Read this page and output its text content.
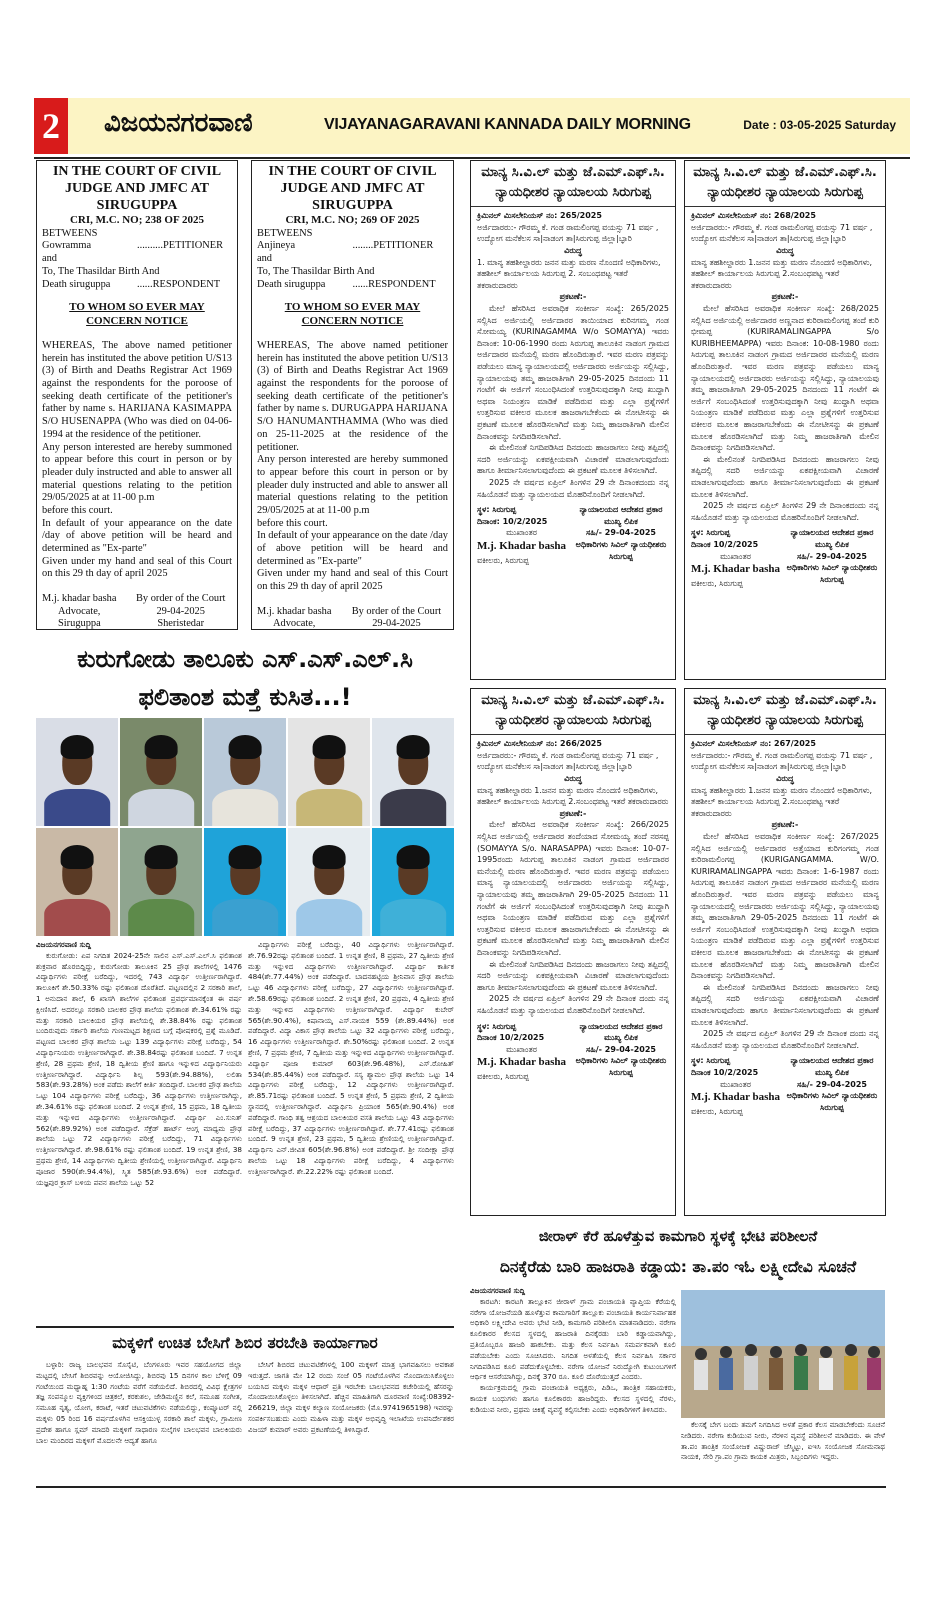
2	ವಿಜಯನಗರವಾಣಿ	VIJAYANAGARAVANI KANNADA DAILY MORNING	Date : 03-05-2025 Saturday
IN THE COURT OF CIVIL JUDGE AND JMFC AT SIRUGUPPA
CRI, M.C. NO; 238 OF 2025
BETWEENS
Gowramma	..........PETITIONER
and
To, The Thasildar Birth And
Death siruguppa	......RESPONDENT
TO WHOM SO EVER MAY CONCERN NOTICE

WHEREAS, The above named petitioner herein has instituted the above petition U/S13 (3) of Birth and Deaths Registrar Act 1969 against the respondents for the poroose of seeking death certificate of the petitioner's father by name s. HARIJANA KASIMAPPA S/O HUSENAPPA (Who was died on 04-06-1994 at the residence of the petitioner.

Any person interested are hereby summoned to appear before this court in person or by pleader duly instructed and able to answer all material questions relating to the petition 29/05/2025 at at 11-00 p.m

before this court.

In default of your appearance on the date /day of above petition will be heard and determined as "Ex-parte"

Given under my hand and seal of this Court on this 29 th day of april 2025

M.j. khadar basha
Advocate,
Siruguppa
By order of the Court
29-04-2025
Sheristedar
IN THE COURT OF CIVIL JUDGE AND JMFC AT SIRUGUPPA
CRI, M.C. NO; 269 OF 2025
BETWEENS
Anjineya	........PETITIONER
and
To, The Thasildar Birth And
Death siruguppa	......RESPONDENT
TO WHOM SO EVER MAY CONCERN NOTICE

WHEREAS, The above named petitioner herein has instituted the above petition U/S13 (3) of Birth and Deaths Registrar Act 1969 against the respondents for the poroose of seeking death certificate of the petitioner's father by name s. DURUGAPPA HARIJANA S/O HANUMANTHAMMA (Who was died on 25-11-2025 at the residence of the petitioner.

Any person interested are hereby summoned to appear before this court in person or by pleader duly instructed and able to answer all material questions relating to the petition 29/05/2025 at at 11-00 p.m

before this court.

In default of your appearance on the date /day of above petition will be heard and determined as "Ex-parte"

Given under my hand and seal of this Court on this 29 th day of april 2025

M.j. khadar basha
Advocate,
By order of the Court
29-04-2025
ಮಾನ್ಯ ಸಿ.ವಿ.ಲ್ ಮತ್ತು ಜೆ.ಎಮ್.ಎಫ್.ಸಿ. ನ್ಯಾಯಧೀಶರ ನ್ಯಾಯಾಲಯ ಸಿರುಗುಪ್ಪ
ಕ್ರಿಮಿನಲ್ ಮಿಸಲೇನಿಯಸ್ ನಂ: 265/2025
ಅರ್ಜಿದಾರರು:- ಗೌರಮ್ಮ ಕೆ. ಗಂಡ ರಾಮಲಿಂಗಪ್ಪ ವಯಸ್ಸು 71 ವರ್ಷ , ಉದ್ಯೋಗ ಮನೆಕೆಲಸ ಸಾ|ನಾಡಂಗ ತಾ|ಸಿರುಗುಪ್ಪ ಜಿಲ್ಲಾ|ಬ್ಳಾರಿ
ವಿರುದ್ಧ
1. ಮಾನ್ಯ ತಹಶೀಲ್ದಾರರು ಜನನ ಮತ್ತು ಮರಣ ನೊಂದಣಿ ಅಧಿಕಾರಿಗಳು, ತಹಶೀಲ್ ಕಾರ್ಯಾಲಯ ಸಿರುಗುಪ್ಪ 2. ಸಂಬಂಧಪಟ್ಟ ಇತರೆ ತಕರಾರುದಾರರು
ಪ್ರಕಟಣೆ:-

ಮೇಲೆ ಹೆಸರಿಸಿದ ಅವರಾಧಿಕ ಸಂಕೀರ್ಣ ಸಂಖ್ಯೆ: 265/2025 ಸಲ್ಲಿಸಿದ ಅರ್ಜಿಯಲ್ಲಿ ಅರ್ಜಿದಾರರ ತಾಯಿಯಾದ ಕುರಿನಗಮ್ಮ ಗಂಡ ಸೋಮಯ್ಯ (KURINAGAMMA W/o SOMAYYA) ಇವರು ದಿನಾಂಕ: 10-06-1990 ರಂದು ಸಿರುಗುಪ್ಪ ತಾಲೂಕಿನ ನಾಡಂಗ ಗ್ರಾಮದ ಅರ್ಜಿದಾರರ ಮನೆಯಲ್ಲಿ ಮರಣ ಹೊಂದಿರುತ್ತಾರೆ. ಇವರ ಮರಣ ಪತ್ರವನ್ನು ಪಡೆಯಲು ಮಾನ್ಯ ನ್ಯಾಯಾಲಯದಲ್ಲಿ ಅರ್ಜಿದಾರರು ಅರ್ಜಿಯನ್ನು ಸಲ್ಲಿಸಿದ್ದು, ನ್ಯಾಯಾಲಯವು ತಮ್ಮ ಹಾಜರಾತಿಗಾಗಿ 29-05-2025 ದಿನದಂದು 11 ಗಂಟೆಗೆ ಈ ಅರ್ಜಿಗೆ ಸಂಬಂಧಿಸಿದಂತೆ ಉತ್ತರಿಸುವುದಕ್ಕಾಗಿ ನೀವು ಖುದ್ದಾಗಿ ಅಥವಾ ನಿಯಂತ್ರಣ ಮಾಡಿಕೆ ಪಡೆದಿರುವ ಮತ್ತು ಎಲ್ಲಾ ಪ್ರಶ್ನೆಗಳಿಗೆ ಉತ್ತರಿಸುವ ವಕೀಲರ ಮೂಲಕ ಹಾಜರಾಗಬೇಕೆಂದು ಈ ನೋಟೀಸನ್ನು ಈ ಪ್ರಕಟಣೆ ಮೂಲಕ ಹೊರಡಿಸಲಾಗಿದೆ ಮತ್ತು ನಿಮ್ಮ ಹಾಜರಾತಿಗಾಗಿ ಮೇಲಿನ ದಿನಾಂಕವನ್ನು ನಿಗದಿಪಡಿಸಲಾಗಿದೆ.

ಈ ಮೇಲಿನಂತೆ ನಿಗದಿಪಡಿಸಿದ ದಿನದಂದು ಹಾಜರಾಗಲು ನೀವು ತಪ್ಪಿದಲ್ಲಿ ಸದರಿ ಅರ್ಜಿಯನ್ನು ಏಕಪಕ್ಷೀಯವಾಗಿ ವಿಚಾರಣೆ ಮಾಡಲಾಗುವುದೆಂದು ಹಾಗೂ ತೀರ್ಮಾನಿಸಲಾಗುವುದೆಂದು ಈ ಪ್ರಕಟಣೆ ಮೂಲಕ ತಿಳಿಸಲಾಗಿದೆ.

2025 ನೇ ವರ್ಷದ ಏಪ್ರಿಲ್ ತಿಂಗಳಿನ 29 ನೇ ದಿನಾಂಕದಂದು ನನ್ನ ಸಹಿಯೊಡನೆ ಮತ್ತು ನ್ಯಾಯಲಯದ ಮೊಹರಿನೊಂದಿಗೆ ನೀಡಲಾಗಿದೆ.

ಸ್ಥಳ: ಸಿರುಗುಪ್ಪ
ದಿನಾಂಕ: 10/2/2025
ಮುಖಾಂತರ
M.j. Khadar basha
ವಕೀಲರು, ಸಿರುಗುಪ್ಪ
ನ್ಯಾಯಾಲಯದ ಆದೇಶದ ಪ್ರಕಾರ
ಮುಖ್ಯ ಲಿಪಿಕ
ಸಹಿ/- 29-04-2025
ಅಧಿಕಾರಿಗಳು ಸಿವಿಲ್ ನ್ಯಾಯಧೀಶರು ಸಿರುಗುಪ್ಪ
ಮಾನ್ಯ ಸಿ.ವಿ.ಲ್ ಮತ್ತು ಜೆ.ಎಮ್.ಎಫ್.ಸಿ. ನ್ಯಾಯಧೀಶರ ನ್ಯಾಯಾಲಯ ಸಿರುಗುಪ್ಪ
ಕ್ರಿಮಿನಲ್ ಮಿಸಲೇನಿಯಸ್ ನಂ: 268/2025
ಅರ್ಜಿದಾರರು:- ಗೌರಮ್ಮ ಕೆ. ಗಂಡ ರಾಮಲಿಂಗಪ್ಪ ವಯಸ್ಸು 71 ವರ್ಷ , ಉದ್ಯೋಗ ಮನೆಕೆಲಸ ಸಾ|ನಾಡಂಗ ತಾ|ಸಿರುಗುಪ್ಪ ಜಿಲ್ಲಾ|ಬ್ಳಾರಿ
ವಿರುದ್ಧ
ಮಾನ್ಯ ತಹಶೀಲ್ದಾರರು 1.ಜನನ ಮತ್ತು ಮರಣ ನೊಂದಣಿ ಅಧಿಕಾರಿಗಳು, ತಹಶೀಲ್ ಕಾರ್ಯಾಲಯ ಸಿರುಗುಪ್ಪ 2.ಸಂಬಂಧಪಟ್ಟ ಇತರೆ ತಕರಾರುದಾರರು
ಪ್ರಕಟಣೆ:-

ಮೇಲೆ ಹೆಸರಿಸಿದ ಅವರಾಧಿಕ ಸಂಕೀರ್ಣ ಸಂಖ್ಯೆ: 268/2025 ಸಲ್ಲಿಸಿದ ಅರ್ಜಿಯಲ್ಲಿ ಅರ್ಜಿದಾರರ ಅಣ್ಣನಾದ ಕುರಿರಾಮಲಿಂಗಪ್ಪ ತಂದೆ ಕುರಿ ಭೀಮಪ್ಪ (KURIRAMALINGAPPA S/o KURIBHEEMAPPA) ಇವರು ದಿನಾಂಕ: 10-08-1980 ರಂದು ಸಿರುಗುಪ್ಪ ತಾಲೂಕಿನ ನಾಡಂಗ ಗ್ರಾಮದ ಅರ್ಜಿದಾರರ ಮನೆಯಲ್ಲಿ ಮರಣ ಹೊಂದಿರುತ್ತಾರೆ. ಇವರ ಮರಣ ಪತ್ರವನ್ನು ಪಡೆಯಲು ಮಾನ್ಯ ನ್ಯಾಯಾಲಯದಲ್ಲಿ ಅರ್ಜಿದಾರರು ಅರ್ಜಿಯನ್ನು ಸಲ್ಲಿಸಿದ್ದು, ನ್ಯಾಯಾಲಯವು ತಮ್ಮ ಹಾಜರಾತಿಗಾಗಿ 29-05-2025 ದಿನದಂದು 11 ಗಂಟೆಗೆ ಈ ಅರ್ಜಿಗೆ ಸಂಬಂಧಿಸಿದಂತೆ ಉತ್ತರಿಸುವುದಕ್ಕಾಗಿ ನೀವು ಖುದ್ದಾಗಿ ಅಥವಾ ನಿಯಂತ್ರಣ ಮಾಡಿಕೆ ಪಡೆದಿರುವ ಮತ್ತು ಎಲ್ಲಾ ಪ್ರಶ್ನೆಗಳಿಗೆ ಉತ್ತರಿಸುವ ವಕೀಲರ ಮೂಲಕ ಹಾಜರಾಗಬೇಕೆಂದು ಈ ನೋಟೀಸನ್ನು ಈ ಪ್ರಕಟಣೆ ಮೂಲಕ ಹೊರಡಿಸಲಾಗಿದೆ ಮತ್ತು ನಿಮ್ಮ ಹಾಜರಾತಿಗಾಗಿ ಮೇಲಿನ ದಿನಾಂಕವನ್ನು ನಿಗದಿಪಡಿಸಲಾಗಿದೆ.

ಈ ಮೇಲಿನಂತೆ ನಿಗದಿಪಡಿಸಿದ ದಿನದಂದು ಹಾಜರಾಗಲು ನೀವು ತಪ್ಪಿದಲ್ಲಿ ಸದರಿ ಅರ್ಜಿಯನ್ನು ಏಕಪಕ್ಷೀಯವಾಗಿ ವಿಚಾರಣೆ ಮಾಡಲಾಗುವುದೆಂದು ಹಾಗೂ ತೀರ್ಮಾನಿಸಲಾಗುವುದೆಂದು ಈ ಪ್ರಕಟಣೆ ಮೂಲಕ ತಿಳಿಸಲಾಗಿದೆ.

2025 ನೇ ವರ್ಷದ ಏಪ್ರಿಲ್ ತಿಂಗಳಿನ 29 ನೇ ದಿನಾಂಕದಂದು ನನ್ನ ಸಹಿಯೊಡನೆ ಮತ್ತು ನ್ಯಾಯಲಯದ ಮೊಹರಿನೊಂದಿಗೆ ನೀಡಲಾಗಿದೆ.

ಸ್ಥಳ: ಸಿರುಗುಪ್ಪ
ದಿನಾಂಕ 10/2/2025
ಮುಖಾಂತರ
M.j. Khadar basha
ವಕೀಲರು, ಸಿರುಗುಪ್ಪ
ನ್ಯಾಯಾಲಯದ ಆದೇಶದ ಪ್ರಕಾರ
ಮುಖ್ಯ ಲಿಪಿಕ
ಸಹಿ/- 29-04-2025
ಅಧಿಕಾರಿಗಳು ಸಿವಿಲ್ ನ್ಯಾಯಧೀಶರು ಸಿರುಗುಪ್ಪ
ಮಾನ್ಯ ಸಿ.ವಿ.ಲ್ ಮತ್ತು ಜೆ.ಎಮ್.ಎಫ್.ಸಿ. ನ್ಯಾಯಧೀಶರ ನ್ಯಾಯಾಲಯ ಸಿರುಗುಪ್ಪ
ಕ್ರಿಮಿನಲ್ ಮಿಸಲೇನಿಯಸ್ ನಂ: 266/2025
ಅರ್ಜಿದಾರರು:- ಗೌರಮ್ಮ ಕೆ. ಗಂಡ ರಾಮಲಿಂಗಪ್ಪ ವಯಸ್ಸು 71 ವರ್ಷ , ಉದ್ಯೋಗ ಮನೆಕೆಲಸ ಸಾ|ನಾಡಂಗ ತಾ|ಸಿರುಗುಪ್ಪ ಜಿಲ್ಲಾ|ಬ್ಳಾರಿ
ವಿರುದ್ಧ
ಮಾನ್ಯ ತಹಶೀಲ್ದಾರರು 1.ಜನನ ಮತ್ತು ಮರಣ ನೊಂದಣಿ ಅಧಿಕಾರಿಗಳು, ತಹಶೀಲ್ ಕಾರ್ಯಾಲಯ ಸಿರುಗುಪ್ಪ 2.ಸಂಬಂಧಪಟ್ಟ ಇತರೆ ತಕರಾರುದಾರರು
ಪ್ರಕಟಣೆ:-

ಮೇಲೆ ಹೆಸರಿಸಿದ ಅವರಾಧಿಕ ಸಂಕೀರ್ಣ ಸಂಖ್ಯೆ: 266/2025 ಸಲ್ಲಿಸಿದ ಅರ್ಜಿಯಲ್ಲಿ ಅರ್ಜಿದಾರರ ತಂದೆಯಾದ ಸೋಮಯ್ಯ ತಂದೆ ನರಸಪ್ಪ (SOMAYYA S/o. NARASAPPA) ಇವರು ದಿನಾಂಕ: 10-07-1995ರಂದು ಸಿರುಗುಪ್ಪ ತಾಲೂಕಿನ ನಾಡಂಗ ಗ್ರಾಮದ ಅರ್ಜಿದಾರರ ಮನೆಯಲ್ಲಿ ಮರಣ ಹೊಂದಿರುತ್ತಾರೆ. ಇವರ ಮರಣ ಪತ್ರವನ್ನು ಪಡೆಯಲು ಮಾನ್ಯ ನ್ಯಾಯಾಲಯದಲ್ಲಿ ಅರ್ಜಿದಾರರು ಅರ್ಜಿಯನ್ನು ಸಲ್ಲಿಸಿದ್ದು, ನ್ಯಾಯಾಲಯವು ತಮ್ಮ ಹಾಜರಾತಿಗಾಗಿ 29-05-2025 ದಿನದಂದು 11 ಗಂಟೆಗೆ ಈ ಅರ್ಜಿಗೆ ಸಂಬಂಧಿಸಿದಂತೆ ಉತ್ತರಿಸುವುದಕ್ಕಾಗಿ ನೀವು ಖುದ್ದಾಗಿ ಅಥವಾ ನಿಯಂತ್ರಣ ಮಾಡಿಕೆ ಪಡೆದಿರುವ ಮತ್ತು ಎಲ್ಲಾ ಪ್ರಶ್ನೆಗಳಿಗೆ ಉತ್ತರಿಸುವ ವಕೀಲರ ಮೂಲಕ ಹಾಜರಾಗಬೇಕೆಂದು ಈ ನೋಟೀಸನ್ನು ಈ ಪ್ರಕಟಣೆ ಮೂಲಕ ಹೊರಡಿಸಲಾಗಿದೆ ಮತ್ತು ನಿಮ್ಮ ಹಾಜರಾತಿಗಾಗಿ ಮೇಲಿನ ದಿನಾಂಕವನ್ನು ನಿಗದಿಪಡಿಸಲಾಗಿದೆ.

ಈ ಮೇಲಿನಂತೆ ನಿಗದಿಪಡಿಸಿದ ದಿನದಂದು ಹಾಜರಾಗಲು ನೀವು ತಪ್ಪಿದಲ್ಲಿ ಸದರಿ ಅರ್ಜಿಯನ್ನು ಏಕಪಕ್ಷೀಯವಾಗಿ ವಿಚಾರಣೆ ಮಾಡಲಾಗುವುದೆಂದು ಹಾಗೂ ತೀರ್ಮಾನಿಸಲಾಗುವುದೆಂದು ಈ ಪ್ರಕಟಣೆ ಮೂಲಕ ತಿಳಿಸಲಾಗಿದೆ.

2025 ನೇ ವರ್ಷದ ಏಪ್ರಿಲ್ ತಿಂಗಳಿನ 29 ನೇ ದಿನಾಂಕ ದಂದು ನನ್ನ ಸಹಿಯೊಡನೆ ಮತ್ತು ನ್ಯಾಯಲಯದ ಮೊಹರಿನೊಂದಿಗೆ ನೀಡಲಾಗಿದೆ.

ಸ್ಥಳ: ಸಿರುಗುಪ್ಪ
ದಿನಾಂಕ 10/2/2025
ಮುಖಾಂತರ
M.j. Khadar basha
ವಕೀಲರು, ಸಿರುಗುಪ್ಪ
ನ್ಯಾಯಾಲಯದ ಆದೇಶದ ಪ್ರಕಾರ
ಮುಖ್ಯ ಲಿಪಿಕ
ಸಹಿ/- 29-04-2025
ಅಧಿಕಾರಿಗಳು ಸಿವಿಲ್ ನ್ಯಾಯಧೀಶರು ಸಿರುಗುಪ್ಪ
ಮಾನ್ಯ ಸಿ.ವಿ.ಲ್ ಮತ್ತು ಜೆ.ಎಮ್.ಎಫ್.ಸಿ. ನ್ಯಾಯಧೀಶರ ನ್ಯಾಯಾಲಯ ಸಿರುಗುಪ್ಪ
ಕ್ರಿಮಿನಲ್ ಮಿಸಲೇನಿಯಸ್ ನಂ: 267/2025
ಅರ್ಜಿದಾರರು:- ಗೌರಮ್ಮ ಕೆ. ಗಂಡ ರಾಮಲಿಂಗಪ್ಪ ವಯಸ್ಸು 71 ವರ್ಷ , ಉದ್ಯೋಗ ಮನೆಕೆಲಸ ಸಾ|ನಾಡಂಗ ತಾ|ಸಿರುಗುಪ್ಪ ಜಿಲ್ಲಾ|ಬ್ಳಾರಿ
ವಿರುದ್ಧ
ಮಾನ್ಯ ತಹಶೀಲ್ದಾರರು 1.ಜನನ ಮತ್ತು ಮರಣ ನೊಂದಣಿ ಅಧಿಕಾರಿಗಳು, ತಹಶೀಲ್ ಕಾರ್ಯಾಲಯ ಸಿರುಗುಪ್ಪ 2.ಸಂಬಂಧಪಟ್ಟ ಇತರೆ ತಕರಾರುದಾರರು
ಪ್ರಕಟಣೆ:-

ಮೇಲೆ ಹೆಸರಿಸಿದ ಅವರಾಧಿಕ ಸಂಕೀರ್ಣ ಸಂಖ್ಯೆ: 267/2025 ಸಲ್ಲಿಸಿದ ಅರ್ಜಿಯಲ್ಲಿ ಅರ್ಜಿದಾರರ ಅತ್ತೆಯಾದ ಕುರಿಗಂಗಮ್ಮ ಗಂಡ ಕುರಿರಾಮಲಿಂಗಪ್ಪ (KURIGANGAMMA. W/O. KURIRAMALINGAPPA ಇವರು ದಿನಾಂಕ: 1-6-1987 ರಂದು ಸಿರುಗುಪ್ಪ ತಾಲೂಕಿನ ನಾಡಂಗ ಗ್ರಾಮದ ಅರ್ಜಿದಾರರ ಮನೆಯಲ್ಲಿ ಮರಣ ಹೊಂದಿರುತ್ತಾರೆ. ಇವರ ಮರಣ ಪತ್ರವನ್ನು ಪಡೆಯಲು ಮಾನ್ಯ ನ್ಯಾಯಾಲಯದಲ್ಲಿ ಅರ್ಜಿದಾರರು ಅರ್ಜಿಯನ್ನು ಸಲ್ಲಿಸಿದ್ದು, ನ್ಯಾಯಾಲಯವು ತಮ್ಮ ಹಾಜರಾತಿಗಾಗಿ 29-05-2025 ದಿನದಂದು 11 ಗಂಟೆಗೆ ಈ ಅರ್ಜಿಗೆ ಸಂಬಂಧಿಸಿದಂತೆ ಉತ್ತರಿಸುವುದಕ್ಕಾಗಿ ನೀವು ಖುದ್ದಾಗಿ ಅಥವಾ ನಿಯಂತ್ರಣ ಮಾಡಿಕೆ ಪಡೆದಿರುವ ಮತ್ತು ಎಲ್ಲಾ ಪ್ರಶ್ನೆಗಳಿಗೆ ಉತ್ತರಿಸುವ ವಕೀಲರ ಮೂಲಕ ಹಾಜರಾಗಬೇಕೆಂದು ಈ ನೋಟೀಸನ್ನು ಈ ಪ್ರಕಟಣೆ ಮೂಲಕ ಹೊರಡಿಸಲಾಗಿದೆ ಮತ್ತು ನಿಮ್ಮ ಹಾಜರಾತಿಗಾಗಿ ಮೇಲಿನ ದಿನಾಂಕವನ್ನು ನಿಗದಿಪಡಿಸಲಾಗಿದೆ.

ಈ ಮೇಲಿನಂತೆ ನಿಗದಿಪಡಿಸಿದ ದಿನದಂದು ಹಾಜರಾಗಲು ನೀವು ತಪ್ಪಿದಲ್ಲಿ ಸದರಿ ಅರ್ಜಿಯನ್ನು ಏಕಪಕ್ಷೀಯವಾಗಿ ವಿಚಾರಣೆ ಮಾಡಲಾಗುವುದೆಂದು ಹಾಗೂ ತೀರ್ಮಾನಿಸಲಾಗುವುದೆಂದು ಈ ಪ್ರಕಟಣೆ ಮೂಲಕ ತಿಳಿಸಲಾಗಿದೆ.

2025 ನೇ ವರ್ಷದ ಏಪ್ರಿಲ್ ತಿಂಗಳಿನ 29 ನೇ ದಿನಾಂಕ ದಂದು ನನ್ನ ಸಹಿಯೊಡನೆ ಮತ್ತು ನ್ಯಾಯಲಯದ ಮೊಹರಿನೊಂದಿಗೆ ನೀಡಲಾಗಿದೆ.

ಸ್ಥಳ: ಸಿರುಗುಪ್ಪ
ದಿನಾಂಕ 10/2/2025
ಮುಖಾಂತರ
M.j. Khadar basha
ವಕೀಲರು, ಸಿರುಗುಪ್ಪ
ನ್ಯಾಯಾಲಯದ ಆದೇಶದ ಪ್ರಕಾರ
ಮುಖ್ಯ ಲಿಪಿಕ
ಸಹಿ/- 29-04-2025
ಅಧಿಕಾರಿಗಳು ಸಿವಿಲ್ ನ್ಯಾಯಧೀಶರು ಸಿರುಗುಪ್ಪ
ಕುರುಗೋಡು ತಾಲೂಕು ಎಸ್.ಎಸ್.ಎಲ್.ಸಿ
ಫಲಿತಾಂಶ ಮತ್ತೆ ಕುಸಿತ...!
ವಿಜಯನಗರವಾಣಿ ಸುದ್ದಿ

ಕುರುಗೋಡು: ಏಪ ನಿಗದಿತ 2024-25ನೇ ಸಾಲಿನ ಎಸ್.ಎಸ್.ಎಲ್.ಸಿ ಫಲಿತಾಂಶ ಶುಕ್ರವಾರ ಹೊರಬಿದ್ದಿದ್ದು, ಕುರುಗೋಡು ತಾಲೂಕಿನ 25 ಪ್ರೌಢ ಶಾಲೆಗಳಲ್ಲಿ 1476 ವಿದ್ಯಾರ್ಥಿಗಳು ಪರೀಕ್ಷೆ ಬರೆದಿದ್ದು, ಇದರಲ್ಲಿ 743 ವಿದ್ಯಾರ್ಥಿ ಉತ್ತೀರ್ಣರಾಗಿದ್ದಾರೆ. ತಾಲೂಕಿಗೆ ಶೇ.50.33% ರಷ್ಟು ಫಲಿತಾಂಶ ದೊರೆತಿದೆ. ಪಟ್ಟಣದಲ್ಲಿನ 2 ಸರಕಾರಿ ಶಾಲೆ, 1 ಅನುದಾನ ಶಾಲೆ, 6 ಖಾಸಗಿ ಶಾಲೆಗಳ ಫಲಿತಾಂಶ ಪ್ರವರ್ಧಮಾನಕ್ಕೆಂತ ಈ ವರ್ಷ ಕ್ಷೀಣಿಸಿದೆ. ಅದರಲ್ಲೂ ಸರಕಾರಿ ಬಾಲಕರ ಪ್ರೌಢ ಶಾಲೆಯ ಫಲಿತಾಂಶ ಶೇ.34.61% ರಷ್ಟು ಮತ್ತು ಸರಕಾರಿ ಬಾಲಕಿಯರ ಪ್ರೌಢ ಶಾಲೆಯಲ್ಲಿ ಶೇ.38.84% ರಷ್ಟು ಫಲಿತಾಂಶ ಬಂದಿರುವುದು ಸರ್ಕಾರಿ ಶಾಲೆಯ ಗುಣಮಟ್ಟದ ಶಿಕ್ಷಣದ ಬಗ್ಗೆ ಪೋಷಕರಲ್ಲಿ ಪ್ರಶ್ನೆ ಮೂಡಿದೆ. ಪಟ್ಟಣದ ಬಾಲಕರ ಪ್ರೌಢ ಶಾಲೆಯ ಒಟ್ಟು 139 ವಿದ್ಯಾರ್ಥಿಗಳು ಪರೀಕ್ಷೆ ಬರೆದಿದ್ದು, 54 ವಿದ್ಯಾರ್ಥಿನಿಯರು ಉತ್ತೀರ್ಣರಾಗಿದ್ದಾರೆ. ಶೇ.38.84ರಷ್ಟು ಫಲಿತಾಂಶ ಬಂದಿದೆ. 7 ಉನ್ನತ ಶ್ರೇಣಿ, 28 ಪ್ರಥಮ ಶ್ರೇಣಿ, 18 ದ್ವಿತೀಯ ಶ್ರೇಣಿ ಹಾಗೂ ಇನ್ನುಳಿದ ವಿದ್ಯಾರ್ಥಿನಿಯರು ಉತ್ತೀರ್ಣರಾಗಿದ್ದಾರೆ. ವಿದ್ಯಾರ್ಥಿನಿ ಶಿಲ್ಪ 593(ಶೇ.94.88%), ಲಲಿತಾ 583(ಶೇ.93.28%) ಅಂಕ ಪಡೆದು ಶಾಲೆಗೆ ಕೀರ್ತಿ ತಂದಿದ್ದಾರೆ. ಬಾಲಕರ ಪ್ರೌಢ ಶಾಲೆಯ ಒಟ್ಟು 104 ವಿದ್ಯಾರ್ಥಿಗಳು ಪರೀಕ್ಷೆ ಬರೆದಿದ್ದು, 36 ವಿದ್ಯಾರ್ಥಿಗಳು ಉತ್ತೀರ್ಣರಾಗಿದ್ದು, ಶೇ.34.61% ರಷ್ಟು ಫಲಿತಾಂಶ ಬಂದಿದೆ. 2 ಉನ್ನತ ಶ್ರೇಣಿ, 15 ಪ್ರಥಮ, 18 ದ್ವಿತೀಯ ಮತ್ತು ಇನ್ನುಳಿದ ವಿದ್ಯಾರ್ಥಿಗಳು ಉತ್ತೀರ್ಣರಾಗಿದ್ದಾರೆ. ವಿದ್ಯಾರ್ಥಿ ಎಂ.ಸುನಿತ್ 562(ಶೇ.89.92%) ಅಂಕ ಪಡೆದಿದ್ದಾರೆ. ಸೆಕ್ರೆಡ್ ಹಾರ್ಟ್ ಆಂಗ್ಲ ಮಾಧ್ಯಮ ಪ್ರೌಢ ಶಾಲೆಯ ಒಟ್ಟು 72 ವಿದ್ಯಾರ್ಥಿಗಳು ಪರೀಕ್ಷೆ ಬರೆದಿದ್ದು, 71 ವಿದ್ಯಾರ್ಥಿಗಳು ಉತ್ತೀರ್ಣರಾಗಿದ್ದಾರೆ. ಶೇ.98.61% ರಷ್ಟು ಫಲಿತಾಂಶ ಬಂದಿದೆ. 19 ಉನ್ನತ ಶ್ರೇಣಿ, 38 ಪ್ರಥಮ ಶ್ರೇಣಿ, 14 ವಿದ್ಯಾರ್ಥಿಗಳು ದ್ವಿತೀಯ ಶ್ರೇಣಿಯಲ್ಲಿ ಉತ್ತೀರ್ಣರಾಗಿದ್ದಾರೆ. ವಿದ್ಯಾರ್ಥಿನಿ ಪೂಜಾರ 590(ಶೇ.94.4%), ಸ್ಮಿತ 585(ಶೇ.93.6%) ಅಂಕ ಪಡೆದಿದ್ದಾರೆ. ಯಜ್ಞಪುರ ಕ್ರಾಸ್ ಬಳಿಯ ಪವನ ಶಾಲೆಯ ಒಟ್ಟು 52

ವಿದ್ಯಾರ್ಥಿಗಳು ಪರೀಕ್ಷೆ ಬರೆದಿದ್ದು, 40 ವಿದ್ಯಾರ್ಥಿಗಳು ಉತ್ತೀರ್ಣರಾಗಿದ್ದಾರೆ. ಶೇ.76.92ರಷ್ಟು ಫಲಿತಾಂಶ ಬಂದಿದೆ. 1 ಉನ್ನತ ಶ್ರೇಣಿ, 8 ಪ್ರಥಮ, 27 ದ್ವಿತೀಯ ಶ್ರೇಣಿ ಮತ್ತು ಇನ್ನುಳಿದ ವಿದ್ಯಾರ್ಥಿಗಳು ಉತ್ತೀರ್ಣರಾಗಿದ್ದಾರೆ. ವಿದ್ಯಾರ್ಥಿ ಕಾರ್ತಿಕ 484(ಶೇ.77.44%) ಅಂಕ ಪಡೆದಿದ್ದಾರೆ. ಬಾದನಹಟ್ಟಿಯ ಶ್ರೀನಿವಾಸ ಪ್ರೌಢ ಶಾಲೆಯ ಒಟ್ಟು 46 ವಿದ್ಯಾರ್ಥಿಗಳು ಪರೀಕ್ಷೆ ಬರೆದಿದ್ದು, 27 ವಿದ್ಯಾರ್ಥಿಗಳು ಉತ್ತೀರ್ಣರಾಗಿದ್ದಾರೆ. ಶೇ.58.69ರಷ್ಟು ಫಲಿತಾಂಶ ಬಂದಿದೆ. 2 ಉನ್ನತ ಶ್ರೇಣಿ, 20 ಪ್ರಥಮ, 4 ದ್ವಿತೀಯ ಶ್ರೇಣಿ ಮತ್ತು ಇನ್ನುಳಿದ ವಿದ್ಯಾರ್ಥಿಗಳು ಉತ್ತೀರ್ಣರಾಗಿದ್ದಾರೆ. ವಿದ್ಯಾರ್ಥಿ ಕುಬೇರ್ 565(ಶೇ.90.4%), ಕಿಷಾನಾಯ್ಕ ಎಸ್.ನಾಯಕ 559 (ಶೇ.89.44%) ಅಂಕ ಪಡೆದಿದ್ದಾರೆ. ವಿದ್ಯಾ ವಿಕಾಸ ಪ್ರೌಢ ಶಾಲೆಯ ಒಟ್ಟು 32 ವಿದ್ಯಾರ್ಥಿಗಳು ಪರೀಕ್ಷೆ ಬರೆದಿದ್ದು, 16 ವಿದ್ಯಾರ್ಥಿಗಳು ಉತ್ತೀರ್ಣರಾಗಿದ್ದಾರೆ. ಶೇ.50%ರಷ್ಟು ಫಲಿತಾಂಶ ಬಂದಿದೆ. 2 ಉನ್ನತ ಶ್ರೇಣಿ, 7 ಪ್ರಥಮ ಶ್ರೇಣಿ, 7 ದ್ವಿತೀಯ ಮತ್ತು ಇನ್ನುಳಿದ ವಿದ್ಯಾರ್ಥಿಗಳು ಉತ್ತೀರ್ಣರಾಗಿದ್ದಾರೆ. ವಿದ್ಯಾರ್ಥಿ ಪೂಜಾ ಕುಮಾರ್ 603(ಶೇ.96.48%), ಎಸ್.ರೋಹಿತ್ 534(ಶೇ.85.44%) ಅಂಕ ಪಡೆದಿದ್ದಾರೆ. ಸಸ್ಯ ಶ್ಯಾಮಲ ಪ್ರೌಢ ಶಾಲೆಯ ಒಟ್ಟು 14 ವಿದ್ಯಾರ್ಥಿಗಳು ಪರೀಕ್ಷೆ ಬರೆದಿದ್ದು, 12 ವಿದ್ಯಾರ್ಥಿಗಳು ಉತ್ತೀರ್ಣರಾಗಿದ್ದಾರೆ. ಶೇ.85.71ರಷ್ಟು ಫಲಿತಾಂಶ ಬಂದಿದೆ. 5 ಉನ್ನತ ಶ್ರೇಣಿ, 5 ಪ್ರಥಮ ಶ್ರೇಣಿ, 2 ದ್ವಿತೀಯ ಸ್ಥಾನದಲ್ಲಿ ಉತ್ತೀರ್ಣರಾಗಿದ್ದಾರೆ. ವಿದ್ಯಾರ್ಥಿನಿ ಪ್ರಿಯಾಂಕ 565(ಶೇ.90.4%) ಅಂಕ ಪಡೆದಿದ್ದಾರೆ. ಗಾಂಧಿ ತತ್ವ ಆಶ್ರಯದ ಬಾಲಕಿಯರ ವಸತಿ ಶಾಲೆಯ ಒಟ್ಟು 43 ವಿದ್ಯಾರ್ಥಿಗಳು ಪರೀಕ್ಷೆ ಬರೆದಿದ್ದು, 37 ವಿದ್ಯಾರ್ಥಿಗಳು ಉತ್ತೀರ್ಣರಾಗಿದ್ದಾರೆ. ಶೇ.77.41ರಷ್ಟು ಫಲಿತಾಂಶ ಬಂದಿದೆ. 9 ಉನ್ನತ ಶ್ರೇಣಿ, 23 ಪ್ರಥಮ, 5 ದ್ವಿತೀಯ ಶ್ರೇಣಿಯಲ್ಲಿ ಉತ್ತೀರ್ಣರಾಗಿದ್ದಾರೆ. ವಿದ್ಯಾರ್ಥಿನಿ ಎನ್.ಜೀವಿತ 605(ಶೇ.96.8%) ಅಂಕ ಪಡೆದಿದ್ದಾರೆ. ಶ್ರೀ ಸಂದೀಕ್ಷಾ ಪ್ರೌಢ ಶಾಲೆಯ ಒಟ್ಟು 18 ವಿದ್ಯಾರ್ಥಿಗಳು ಪರೀಕ್ಷೆ ಬರೆದಿದ್ದು, 4 ವಿದ್ಯಾರ್ಥಿಗಳು ಉತ್ತೀರ್ಣರಾಗಿದ್ದಾರೆ. ಶೇ.22.22% ರಷ್ಟು ಫಲಿತಾಂಶ ಬಂದಿದೆ.

ಮಕ್ಕಳಿಗೆ ಉಚಿತ ಬೇಸಿಗೆ ಶಿಬಿರ ತರಬೇತಿ ಕಾರ್ಯಾಗಾರ

ಬಳ್ಳಾರಿ: ರಾಜ್ಯ ಬಾಲಭವನ ಸೊಸೈಟಿ, ಬೆಂಗಳೂರು ಇವರ ಸಹಯೋಗದ ಜಿಲ್ಲಾ ಮಟ್ಟದಲ್ಲಿ ಬೇಸಿಗೆ ಶಿಬಿರವನ್ನು ಆಯೋಜಿಸಿದ್ದು, ಶಿಬಿರವು 15 ದಿನಗಳ ಕಾಲ ಬೆಳಿಗ್ಗೆ 09 ಗಂಟೆಯಿಂದ ಮಧ್ಯಾಹ್ನ 1:30 ಗಂಟೆಯ ವರೆಗೆ ನಡೆಯಲಿದೆ. ಶಿಬಿರದಲ್ಲಿ ವಿವಿಧ ಕ್ಷೇತ್ರಗಳ ತಜ್ಞ ಸಂಪನ್ಮೂಲ ವ್ಯಕ್ತಿಗಳಿಂದ ಚಿತ್ರಕಲೆ, ಕರಕುಶಲ, ಜೇಡಿಮಣ್ಣಿನ ಕಲೆ, ಸಮೂಹ ಸಂಗೀತ, ಸಮೂಹ ನೃತ್ಯ, ಯೋಗ, ಕರಾಟೆ, ಇತರೆ ಚಟುವಟಿಕೆಗಳು ನಡೆಯಲಿದ್ದು, ಕಂಪ್ಯೂಟರ್ ನಲ್ಲಿ ಮಕ್ಕಳು 05 ರಿಂದ 16 ವರ್ಷದೊಳಗಿನ ಆಸಕ್ತಿಯುಳ್ಳ ಸರಕಾರಿ ಶಾಲೆ ಮಕ್ಕಳು, ಗ್ರಾಮೀಣ ಪ್ರದೇಶ ಹಾಗೂ ಸ್ಲಮ್ ಮಾದರಿ ಮಕ್ಕಳಿಗೆ ಸಾಧಾರಣ ಸುಲ್ಕೆಗಳ ಬಾಲಭವನ ಬಾಲಕಿಯರು ಬಾಲ ಮಂದಿರದ ಮಕ್ಕಳಿಗೆ ಮೊದಲನೇ ಆದ್ಯತೆ ಹಾಗೂ

ಬೇಸಿಗೆ ಶಿಬಿರದ ಚಟುವಟಿಕೆಗಳಲ್ಲಿ 100 ಮಕ್ಕಳಿಗೆ ಮಾತ್ರ ಭಾಗವಹಿಸಲು ಅವಕಾಶ ಇರುತ್ತದೆ. ಜಾಗತಿ ಮೇ 12 ರಂದು ಸಂಜೆ 05 ಗಂಟೆಯೊಳಗಿನ ನೊಂದಾಯಿಸಿಕೊಳ್ಳಲು ಬಯಸಿದ ಮಕ್ಕಳು ಮಕ್ಕಳ ಆಧಾರ್ ಪ್ರತಿ ಇರಬೇಕು ಬಾಲಭವನದ ಕಚೇರಿಯಲ್ಲಿ ಹೆಸರನ್ನು ನೊಂದಾಯಿಸಿಕೊಳ್ಳಲು ತಿಳಿಸಲಾಗಿದೆ. ಹೆಚ್ಚಿನ ಮಾಹಿತಿಗಾಗಿ ದೂರವಾಣಿ ಸಂಖ್ಯೆ:08392-266219, ಜಿಲ್ಲಾ ಮಕ್ಕಳ ಕಲ್ಯಾಣ ಸಂಯೋಜಕರು (ಮೊ.9741965198) ಇವರನ್ನು ಸಂಪರ್ಕಿಸಬಹುದು ಎಂದು ಮಹಿಳಾ ಮತ್ತು ಮಕ್ಕಳ ಅಭಿವೃದ್ಧಿ ಇಲಾಖೆಯ ಉಪನಿರ್ದೇಶಕರ ವಿಜಯ್ ಕುಮಾರ್ ಅವರು ಪ್ರಕಟಣೆಯಲ್ಲಿ ತಿಳಿಸಿದ್ದಾರೆ.

ಜೀರಾಳ್ ಕೆರೆ ಹೂಳೆತ್ತುವ ಕಾಮಗಾರಿ ಸ್ಥಳಕ್ಕೆ ಭೇಟಿ ಪರಿಶೀಲನೆ
ದಿನಕ್ಕೆರೆಡು ಬಾರಿ ಹಾಜರಾತಿ ಕಡ್ಡಾಯ: ತಾ.ಪಂ ಇಓ ಲಕ್ಷ್ಮೀದೇವಿ ಸೂಚನೆ
ವಿಜಯನಗರವಾಣಿ ಸುದ್ದಿ

ಕಾರಟಗಿ: ಕಾರಟಗಿ ತಾಲ್ಲೂಕಿನ ಜೀರಾಳ್ ಗ್ರಾಮ ಪಂಚಾಯತಿ ವ್ಯಾಪ್ತಿಯ ಕೆರೆಯಲ್ಲಿ ನರೇಗಾ ಯೋಜನೆಯಡಿ ಹೂಳೆತ್ತುವ ಕಾಮಗಾರಿಗೆ ತಾಲ್ಲೂಕು ಪಂಚಾಯತಿ ಕಾರ್ಯನಿರ್ವಾಹಕ ಅಧಿಕಾರಿ ಲಕ್ಷ್ಮೀದೇವಿ ಅವರು ಭೇಟಿ ನೀಡಿ, ಕಾಮಗಾರಿ ಪರಿಶೀಲಿಸಿ ಮಾತನಾಡಿದರು. ನರೇಗಾ ಕೂಲಿಕಾರರ ಕೆಲಸದ ಸ್ಥಳದಲ್ಲಿ ಹಾಜರಾತಿ ದಿನಕ್ಕೆರಡು ಬಾರಿ ಕಡ್ಡಾಯವಾಗಿದ್ದು, ಪ್ರತಿಯೊಬ್ಬರೂ ಹಾಜರಿ ಹಾಕಬೇಕು. ಮತ್ತು ಕೆಲಸ ನಿರ್ವಹಿಸಿ ಸಮರ್ಪಕವಾಗಿ ಕೂಲಿ ಪಡೆಯಬೇಕು ಎಂದು ಸೂಚಿಸಿದರು. ನಿಗದಿತ ಅಳತೆಯಲ್ಲಿ ಕೆಲಸ ನಿರ್ವಹಿಸಿ ಸರ್ಕಾರ ನಿಗದಿಪಡಿಸಿದ ಕೂಲಿ ಪಡೆದುಕೊಳ್ಳಬೇಕು. ನರೇಗಾ ಯೋಜನೆ ನಿರುದ್ಯೋಗಿ ಕುಟುಂಬಗಳಿಗೆ ಆರ್ಥಿಕ ಆಸರೆಯಾಗಿದ್ದು, ದಿನಕ್ಕೆ 370 ರೂ. ಕೂಲಿ ದೊರೆಯುತ್ತದೆ ಎಂದರು.

ಕಾರ್ಯಕ್ರಮದಲ್ಲಿ ಗ್ರಾಮ ಪಂಚಾಯತಿ ಅಧ್ಯಕ್ಷರು, ಪಿಡಿಒ, ತಾಂತ್ರಿಕ ಸಹಾಯಕರು, ಕಾಯಕ ಬಂಧುಗಳು ಹಾಗೂ ಕೂಲಿಕಾರರು ಹಾಜರಿದ್ದರು. ಕೆಲಸದ ಸ್ಥಳದಲ್ಲಿ ನೆರಳು, ಕುಡಿಯುವ ನೀರು, ಪ್ರಥಮ ಚಿಕಿತ್ಸೆ ವ್ಯವಸ್ಥೆ ಕಲ್ಪಿಸಬೇಕು ಎಂದು ಅಧಿಕಾರಿಗಳಿಗೆ ತಿಳಿಸಿದರು.

ಕೆಲಸಕ್ಕೆ ಬೇಗ ಬಂದು ತಮಗೆ ನಿಗದಿಸಿದ ಅಳತೆ ಪ್ರಕಾರ ಕೆಲಸ ಮಾಡಬೇಕೆಂದು ಸೂಚನೆ ನೀಡಿದರು. ನರೇಗಾ ಕುಡಿಯುವ ನೀರು, ನೆರಳಿನ ವ್ಯವಸ್ಥೆ ಪರಿಶೀಲನೆ ಮಾಡಿದರು. ಈ ವೇಳೆ ತಾ.ಪಂ ತಾಂತ್ರಿಕ ಸಂಯೋಜಕ ವಿಷ್ಣುರಾಜ್ ಜೆಸ್ಮಿಟ್ಟು, ಐಇಸಿ ಸಂಯೋಜಕ ಸೋಮನಾಥ ನಾಯಕ, ಸೇರಿ ಗ್ರಾ.ಪಂ ಗ್ರಾಮ ಕಾಯಕ ಮಿತ್ರರು, ಸಿಬ್ಬಂದಿಗಳು ಇದ್ದರು.
